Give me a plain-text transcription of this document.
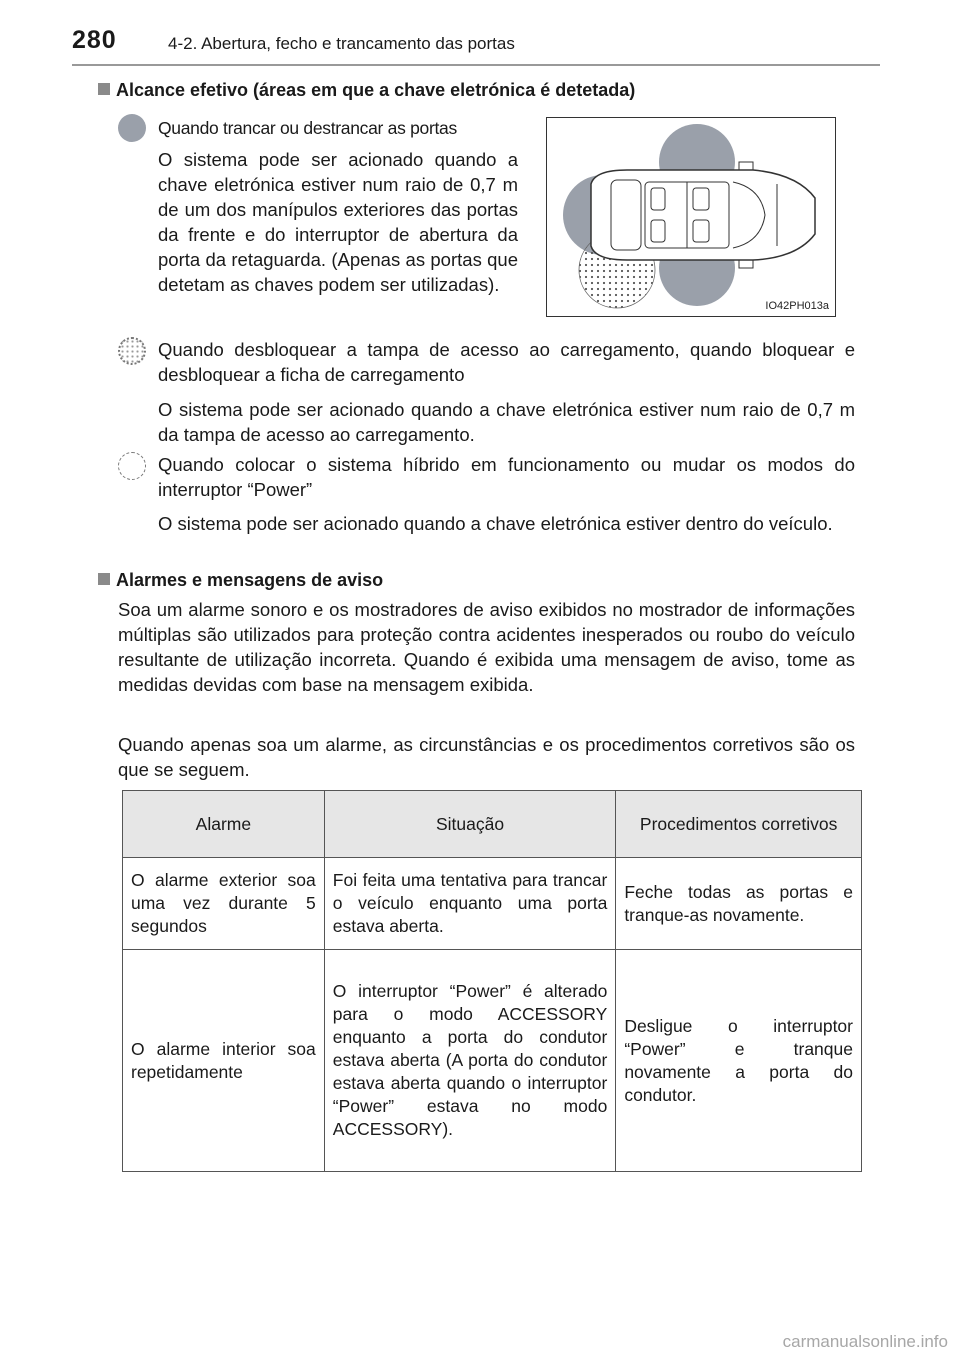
280	4-2. Abertura, fecho e trancamento das portas
Alcance efetivo (áreas em que a chave eletrónica é detetada)
Quando trancar ou destrancar as portas
O sistema pode ser acionado quando a chave eletrónica estiver num raio de 0,7 m de um dos manípulos exteriores das portas da frente e do interruptor de abertura da porta da retaguarda. (Apenas as portas que detetam as chaves podem ser utilizadas).
IO42PH013a
Quando desbloquear a tampa de acesso ao carregamento, quando bloquear e desbloquear a ficha de carregamento
O sistema pode ser acionado quando a chave eletrónica estiver num raio de 0,7 m da tampa de acesso ao carregamento.
Quando colocar o sistema híbrido em funcionamento ou mudar os modos do interruptor “Power”
O sistema pode ser acionado quando a chave eletrónica estiver dentro do veículo.
Alarmes e mensagens de aviso
Soa um alarme sonoro e os mostradores de aviso exibidos no mostrador de informações múltiplas são utilizados para proteção contra acidentes inesperados ou roubo do veículo resultante de utilização incorreta. Quando é exibida uma mensagem de aviso, tome as medidas devidas com base na mensagem exibida.
Quando apenas soa um alarme, as circunstâncias e os procedimentos corretivos são os que se seguem.
Alarme	Situação	Procedimentos corretivos
O alarme exterior soa uma vez durante 5 segundos	Foi feita uma tentativa para trancar o veículo enquanto uma porta estava aberta.	Feche todas as portas e tranque-as novamente.
O alarme interior soa repetidamente	O interruptor “Power” é alterado para o modo ACCESSORY enquanto a porta do condutor estava aberta (A porta do condutor estava aberta quando o interruptor “Power” estava no modo ACCESSORY).	Desligue o interruptor “Power” e tranque novamente a porta do condutor.
carmanualsonline.info
